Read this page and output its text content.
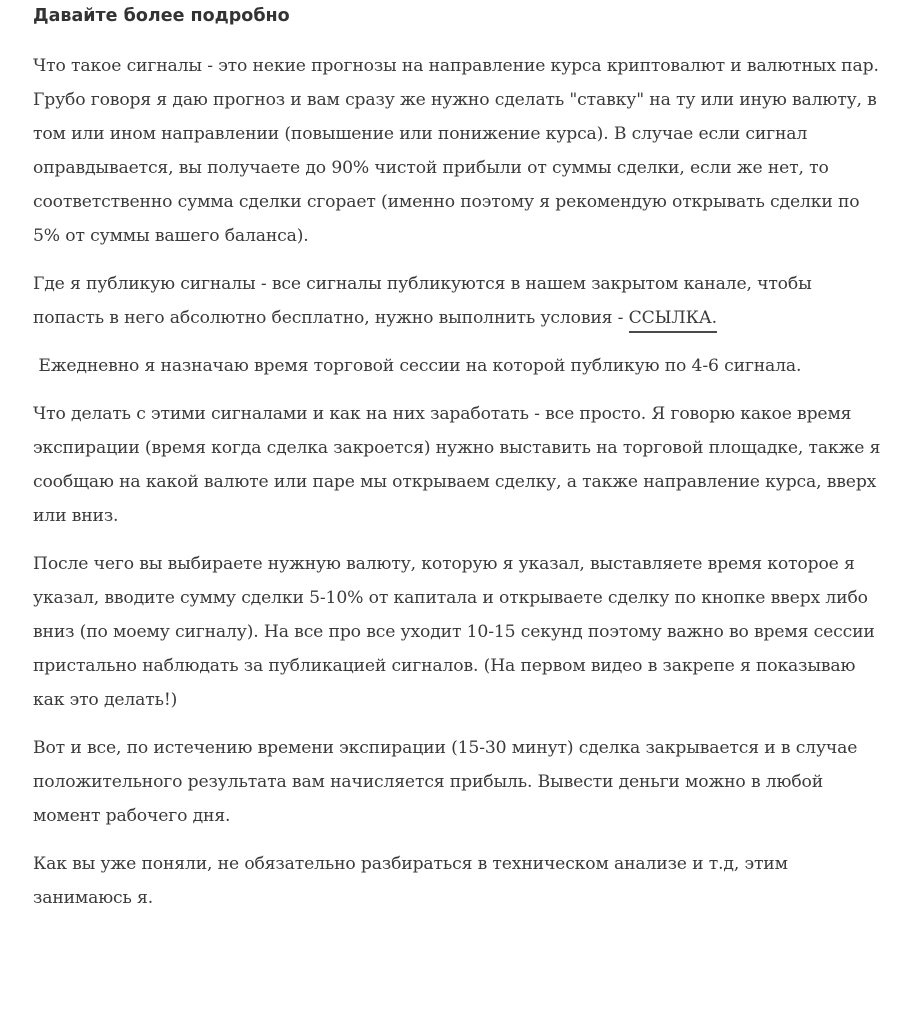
Давайте более подробно

Что такое сигналы - это некие прогнозы на направление курса криптовалют и валютных пар. Грубо говоря я даю прогноз и вам сразу же нужно сделать "ставку" на ту или иную валюту, в том или ином направлении (повышение или понижение курса). В случае если сигнал оправдывается, вы получаете до 90% чистой прибыли от суммы сделки, если же нет, то соответственно сумма сделки сгорает (именно поэтому я рекомендую открывать сделки по 5% от суммы вашего баланса).

Где я публикую сигналы - все сигналы публикуются в нашем закрытом канале, чтобы попасть в него абсолютно бесплатно, нужно выполнить условия - ССЫЛКА.

Ежедневно я назначаю время торговой сессии на которой публикую по 4-6 сигнала.

Что делать с этими сигналами и как на них заработать - все просто. Я говорю какое время экспирации (время когда сделка закроется) нужно выставить на торговой площадке, также я сообщаю на какой валюте или паре мы открываем сделку, а также направление курса, вверх или вниз.

После чего вы выбираете нужную валюту, которую я указал, выставляете время которое я указал, вводите сумму сделки 5-10% от капитала и открываете сделку по кнопке вверх либо вниз (по моему сигналу). На все про все уходит 10-15 секунд поэтому важно во время сессии пристально наблюдать за публикацией сигналов. (На первом видео в закрепе я показываю как это делать!)

Вот и все, по истечению времени экспирации (15-30 минут) сделка закрывается и в случае положительного результата вам начисляется прибыль. Вывести деньги можно в любой момент рабочего дня.

Как вы уже поняли, не обязательно разбираться в техническом анализе и т.д, этим занимаюсь я.
